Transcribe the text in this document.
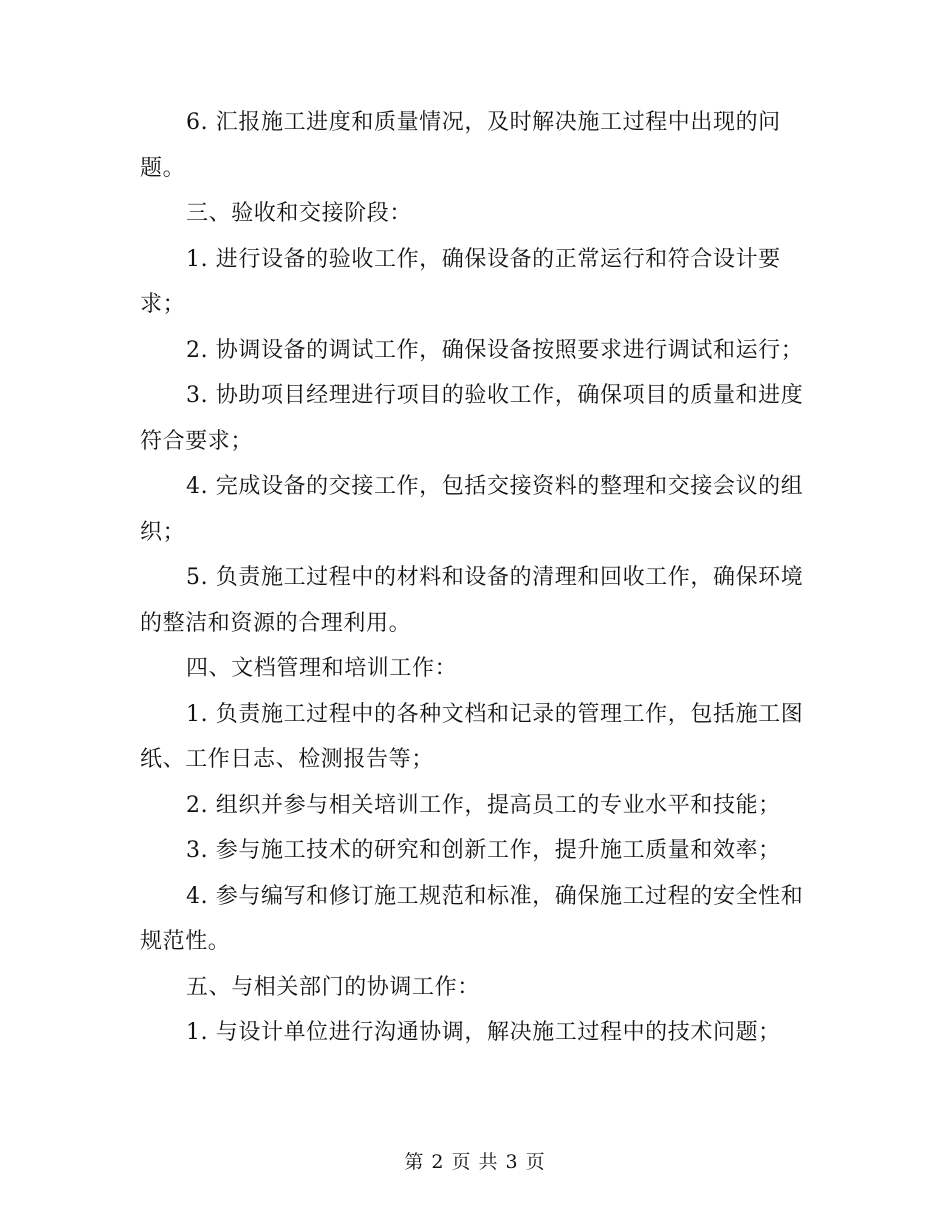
6. 汇报施工进度和质量情况，及时解决施工过程中出现的问题。

三、验收和交接阶段：

1. 进行设备的验收工作，确保设备的正常运行和符合设计要求；

2. 协调设备的调试工作，确保设备按照要求进行调试和运行；

3. 协助项目经理进行项目的验收工作，确保项目的质量和进度符合要求；

4. 完成设备的交接工作，包括交接资料的整理和交接会议的组织；

5. 负责施工过程中的材料和设备的清理和回收工作，确保环境的整洁和资源的合理利用。

四、文档管理和培训工作：

1. 负责施工过程中的各种文档和记录的管理工作，包括施工图纸、工作日志、检测报告等；

2. 组织并参与相关培训工作，提高员工的专业水平和技能；

3. 参与施工技术的研究和创新工作，提升施工质量和效率；

4. 参与编写和修订施工规范和标准，确保施工过程的安全性和规范性。

五、与相关部门的协调工作：

1. 与设计单位进行沟通协调，解决施工过程中的技术问题；

第 2 页 共 3 页
